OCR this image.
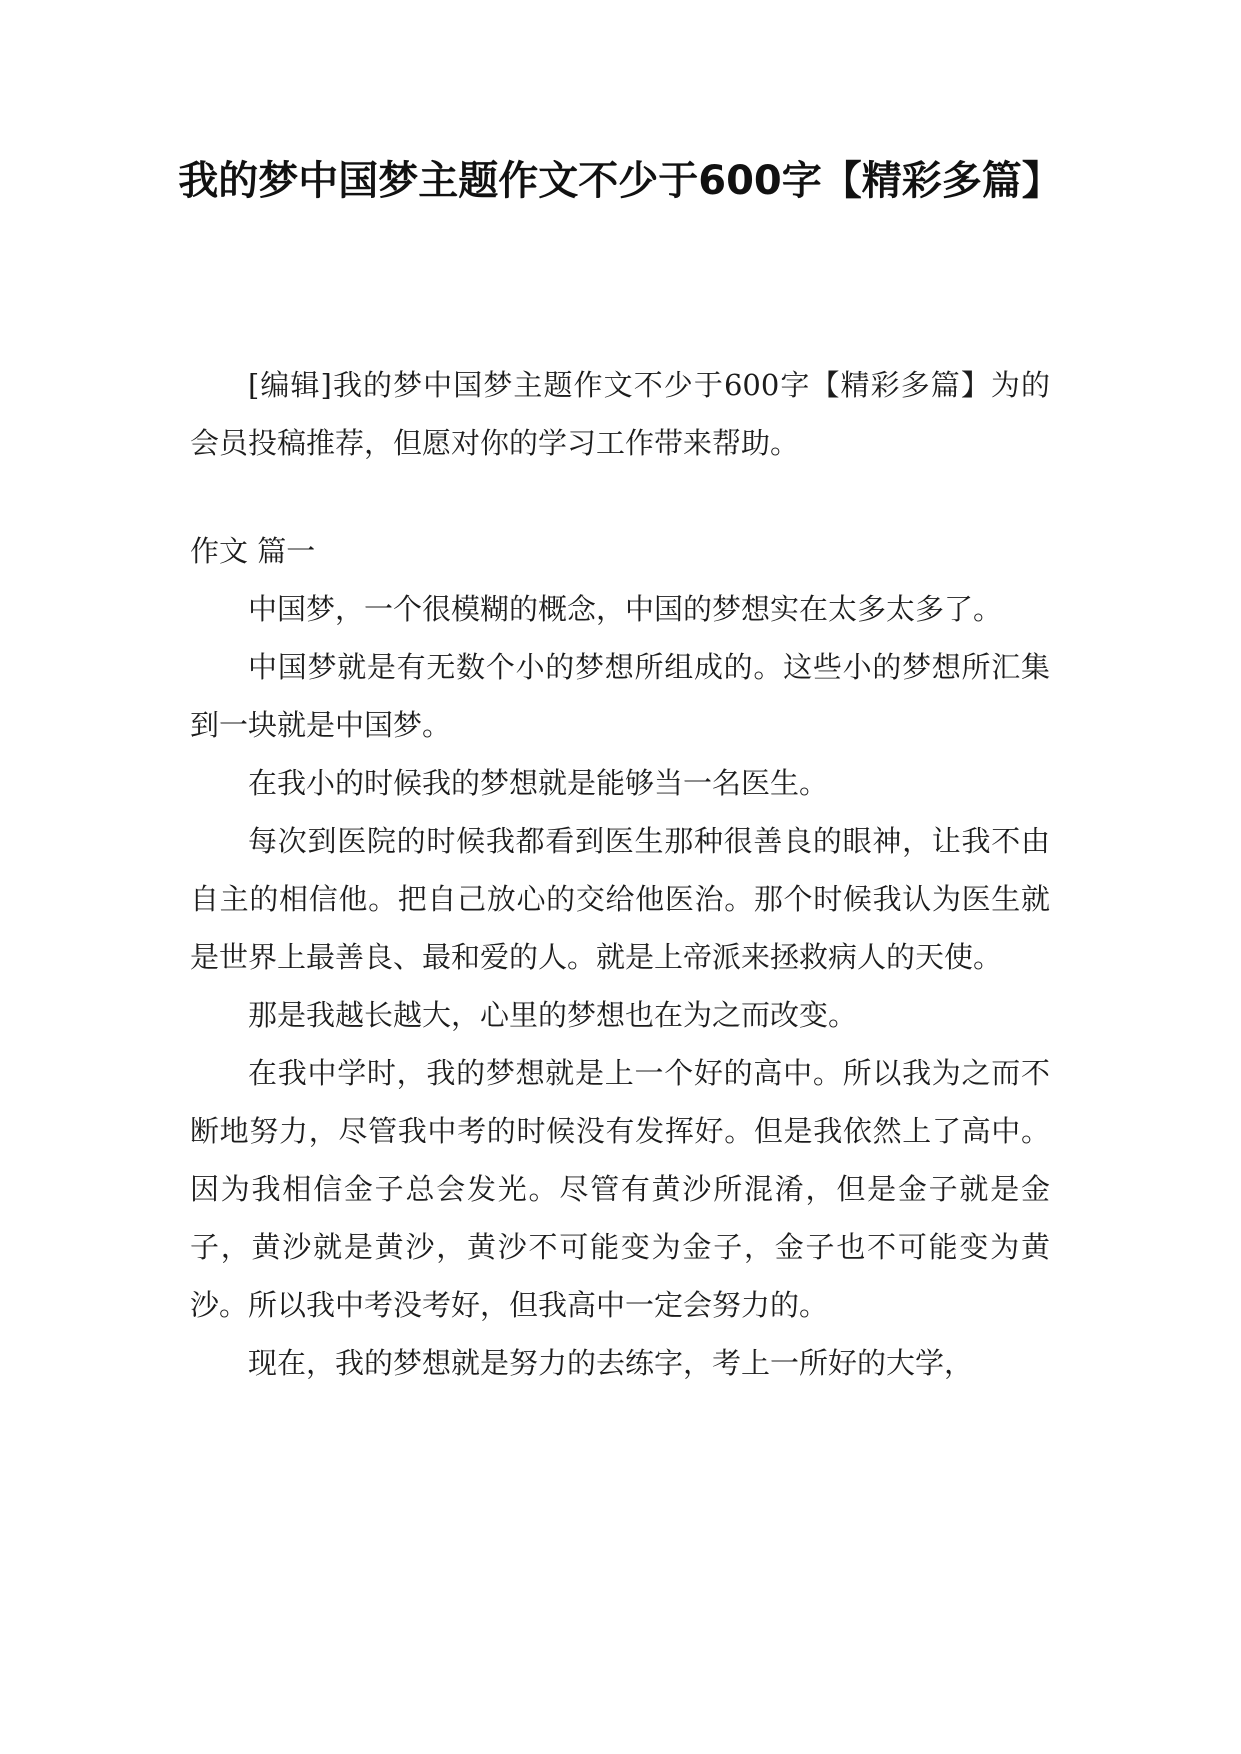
我的梦中国梦主题作文不少于600字【精彩多篇】

[编辑]我的梦中国梦主题作文不少于600字【精彩多篇】为的会员投稿推荐，但愿对你的学习工作带来帮助。

作文 篇一

中国梦，一个很模糊的概念，中国的梦想实在太多太多了。

中国梦就是有无数个小的梦想所组成的。这些小的梦想所汇集到一块就是中国梦。

在我小的时候我的梦想就是能够当一名医生。

每次到医院的时候我都看到医生那种很善良的眼神，让我不由自主的相信他。把自己放心的交给他医治。那个时候我认为医生就是世界上最善良、最和爱的人。就是上帝派来拯救病人的天使。

那是我越长越大，心里的梦想也在为之而改变。

在我中学时，我的梦想就是上一个好的高中。所以我为之而不断地努力，尽管我中考的时候没有发挥好。但是我依然上了高中。因为我相信金子总会发光。尽管有黄沙所混淆，但是金子就是金子，黄沙就是黄沙，黄沙不可能变为金子，金子也不可能变为黄沙。所以我中考没考好，但我高中一定会努力的。

现在，我的梦想就是努力的去练字，考上一所好的大学，
